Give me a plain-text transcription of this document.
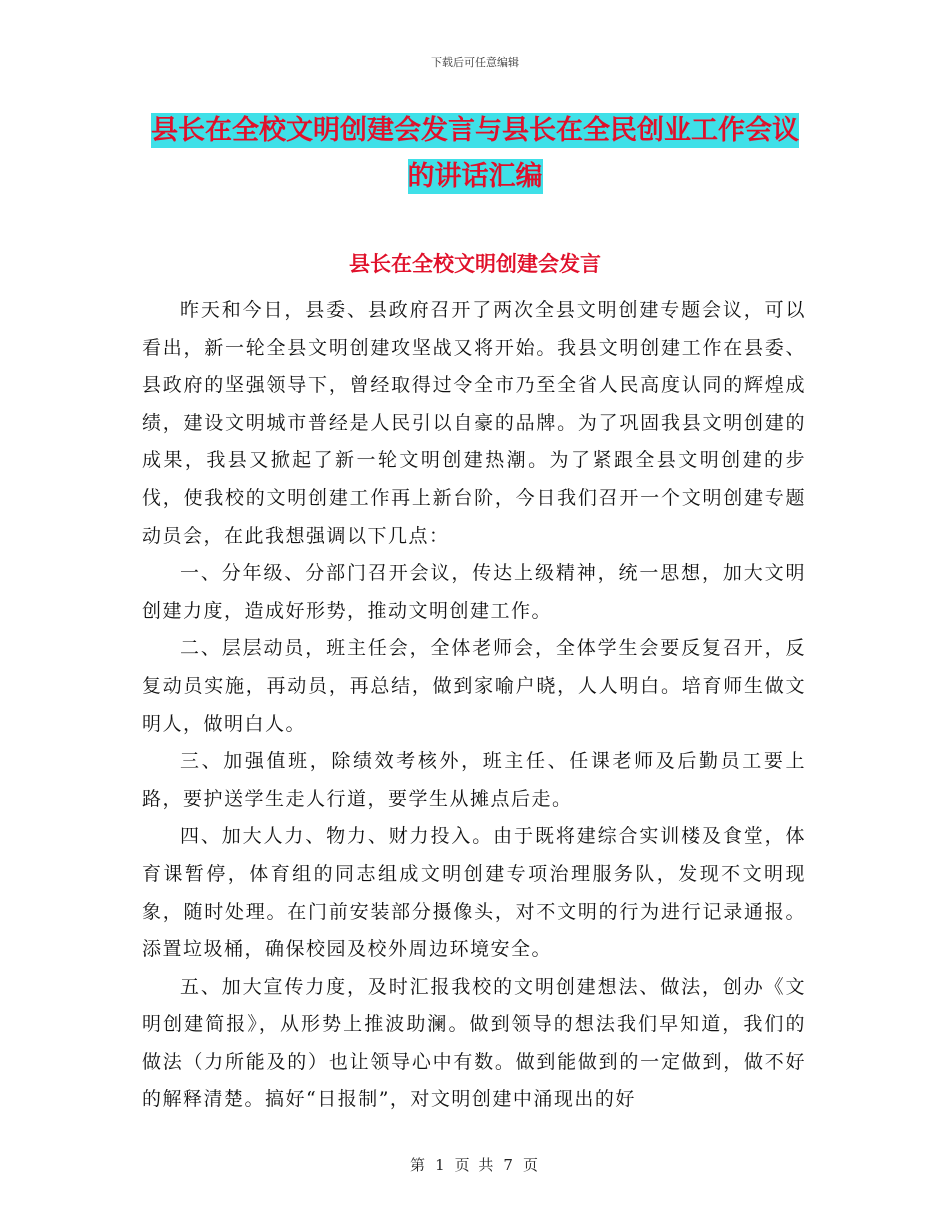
下载后可任意编辑
县长在全校文明创建会发言与县长在全民创业工作会议的讲话汇编
县长在全校文明创建会发言

昨天和今日，县委、县政府召开了两次全县文明创建专题会议，可以看出，新一轮全县文明创建攻坚战又将开始。我县文明创建工作在县委、县政府的坚强领导下，曾经取得过令全市乃至全省人民高度认同的辉煌成绩，建设文明城市普经是人民引以自豪的品牌。为了巩固我县文明创建的成果，我县又掀起了新一轮文明创建热潮。为了紧跟全县文明创建的步伐，使我校的文明创建工作再上新台阶，今日我们召开一个文明创建专题动员会，在此我想强调以下几点：

一、分年级、分部门召开会议，传达上级精神，统一思想，加大文明创建力度，造成好形势，推动文明创建工作。

二、层层动员，班主任会，全体老师会，全体学生会要反复召开，反复动员实施，再动员，再总结，做到家喻户晓，人人明白。培育师生做文明人，做明白人。

三、加强值班，除绩效考核外，班主任、任课老师及后勤员工要上路，要护送学生走人行道，要学生从摊点后走。

四、加大人力、物力、财力投入。由于既将建综合实训楼及食堂，体育课暂停，体育组的同志组成文明创建专项治理服务队，发现不文明现象，随时处理。在门前安装部分摄像头，对不文明的行为进行记录通报。添置垃圾桶，确保校园及校外周边环境安全。

五、加大宣传力度，及时汇报我校的文明创建想法、做法，创办《文明创建简报》，从形势上推波助澜。做到领导的想法我们早知道，我们的做法（力所能及的）也让领导心中有数。做到能做到的一定做到，做不好的解释清楚。搞好“日报制”，对文明创建中涌现出的好

第 1 页 共 7 页
